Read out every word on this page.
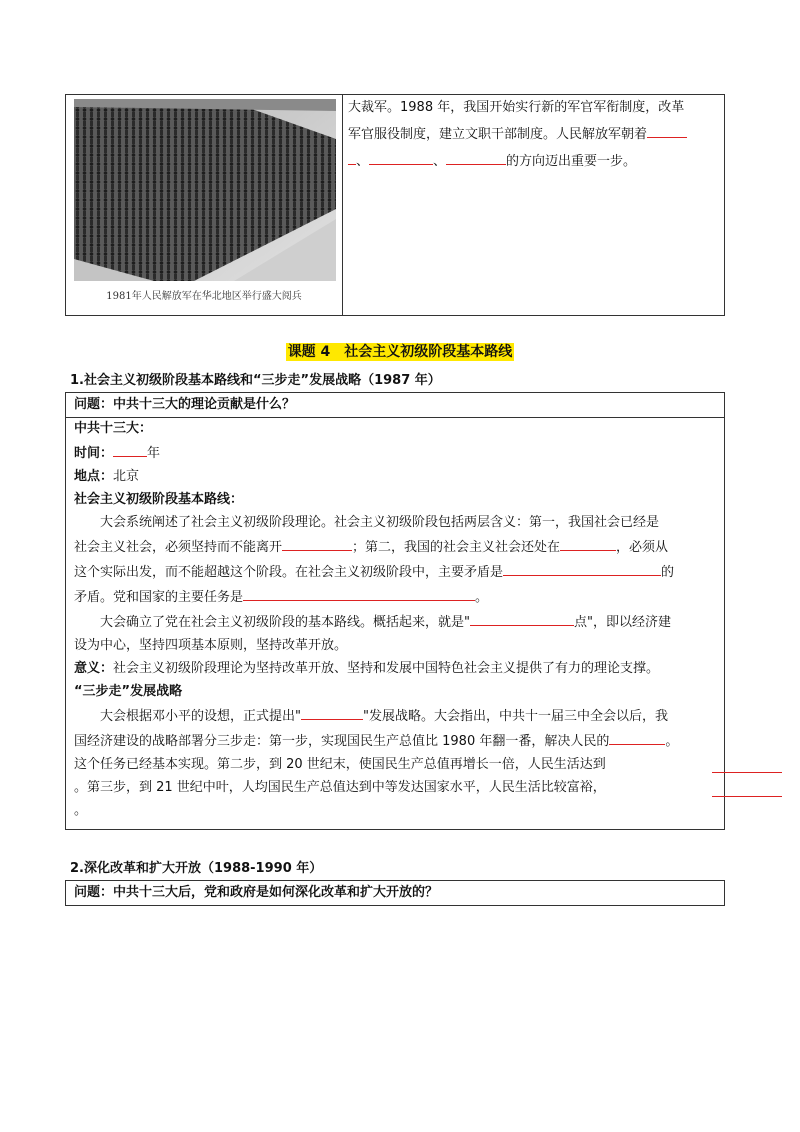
1981年人民解放军在华北地区举行盛大阅兵
大裁军。1988 年，我国开始实行新的军官军衔制度，改革
军官服役制度，建立文职干部制度。人民解放军朝着
、	、	的方向迈出重要一步。
课题 4　社会主义初级阶段基本路线
1.社会主义初级阶段基本路线和“三步走”发展战略（1987 年）
问题：中共十三大的理论贡献是什么？
中共十三大：
时间：	年
地点：北京
社会主义初级阶段基本路线：
大会系统阐述了社会主义初级阶段理论。社会主义初级阶段包括两层含义：第一，我国社会已经是
社会主义社会，必须坚持而不能离开	；第二，我国的社会主义社会还处在	，必须从
这个实际出发，而不能超越这个阶段。在社会主义初级阶段中，主要矛盾是	的
矛盾。党和国家的主要任务是	。
大会确立了党在社会主义初级阶段的基本路线。概括起来，就是"	点"，即以经济建
设为中心，坚持四项基本原则，坚持改革开放。
意义：社会主义初级阶段理论为坚持改革开放、坚持和发展中国特色社会主义提供了有力的理论支撑。
“三步走”发展战略
大会根据邓小平的设想，正式提出"	"发展战略。大会指出，中共十一届三中全会以后，我
国经济建设的战略部署分三步走：第一步，实现国民生产总值比 1980 年翻一番，解决人民的	。
这个任务已经基本实现。第二步，到 20 世纪末，使国民生产总值再增长一倍，人民生活达到
。第三步，到 21 世纪中叶，人均国民生产总值达到中等发达国家水平，人民生活比较富裕，
。
2.深化改革和扩大开放（1988-1990 年）
问题：中共十三大后，党和政府是如何深化改革和扩大开放的？
